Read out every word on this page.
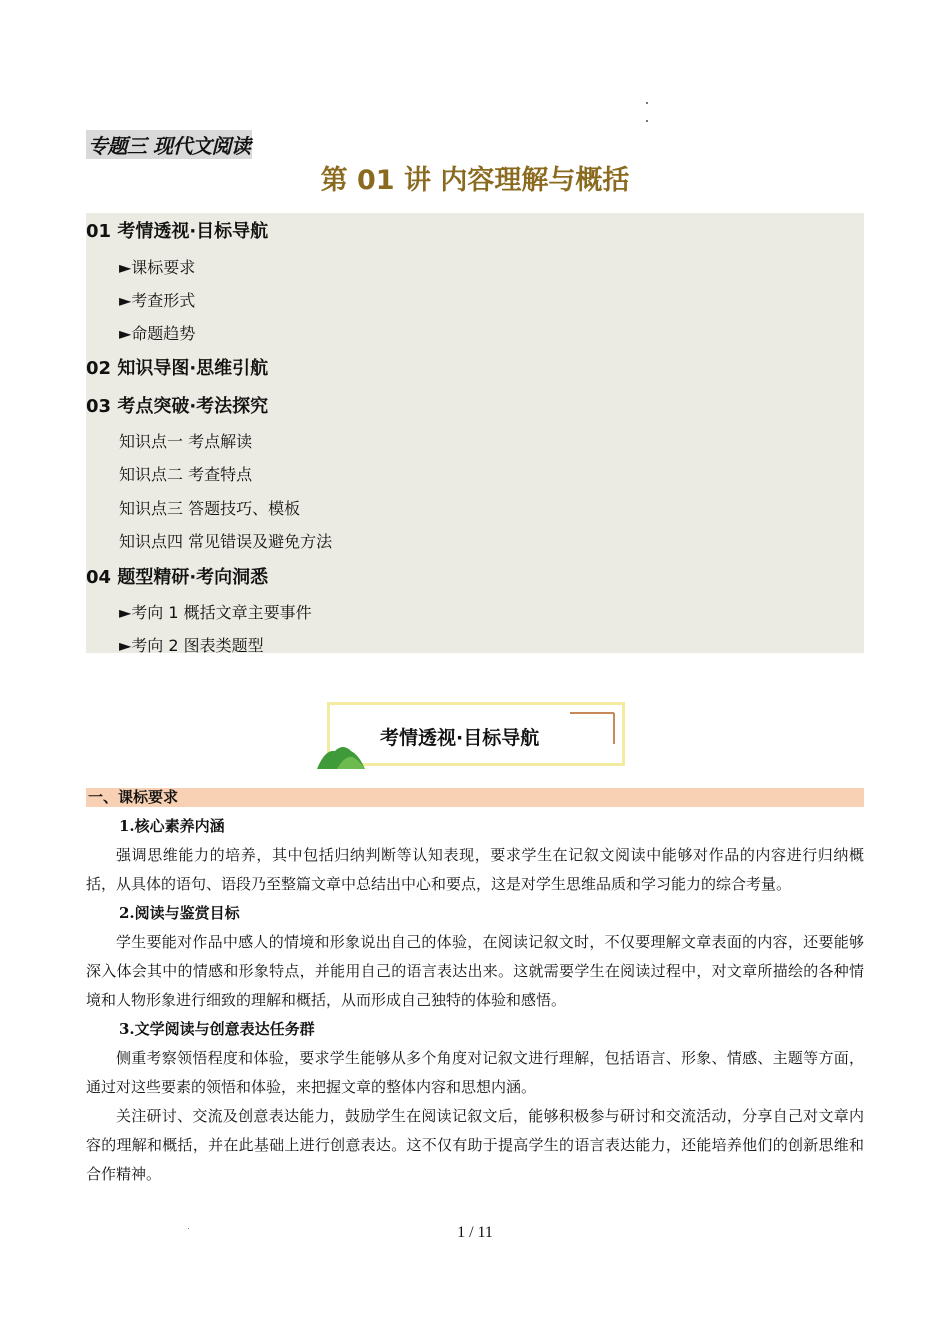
专题三 现代文阅读
第 01 讲 内容理解与概括
01 考情透视·目标导航
►课标要求
►考查形式
►命题趋势
02 知识导图·思维引航
03 考点突破·考法探究
知识点一 考点解读
知识点二 考查特点
知识点三 答题技巧、模板
知识点四 常见错误及避免方法
04 题型精研·考向洞悉
►考向 1 概括文章主要事件
►考向 2 图表类题型
考情透视·目标导航
一、课标要求
1.核心素养内涵

强调思维能力的培养，其中包括归纳判断等认知表现，要求学生在记叙文阅读中能够对作品的内容进行归纳概括，从具体的语句、语段乃至整篇文章中总结出中心和要点，这是对学生思维品质和学习能力的综合考量。

2.阅读与鉴赏目标

学生要能对作品中感人的情境和形象说出自己的体验，在阅读记叙文时，不仅要理解文章表面的内容，还要能够深入体会其中的情感和形象特点，并能用自己的语言表达出来。这就需要学生在阅读过程中，对文章所描绘的各种情境和人物形象进行细致的理解和概括，从而形成自己独特的体验和感悟。

3.文学阅读与创意表达任务群

侧重考察领悟程度和体验，要求学生能够从多个角度对记叙文进行理解，包括语言、形象、情感、主题等方面，通过对这些要素的领悟和体验，来把握文章的整体内容和思想内涵。

关注研讨、交流及创意表达能力，鼓励学生在阅读记叙文后，能够积极参与研讨和交流活动，分享自己对文章内容的理解和概括，并在此基础上进行创意表达。这不仅有助于提高学生的语言表达能力，还能培养他们的创新思维和合作精神。

1 / 11
